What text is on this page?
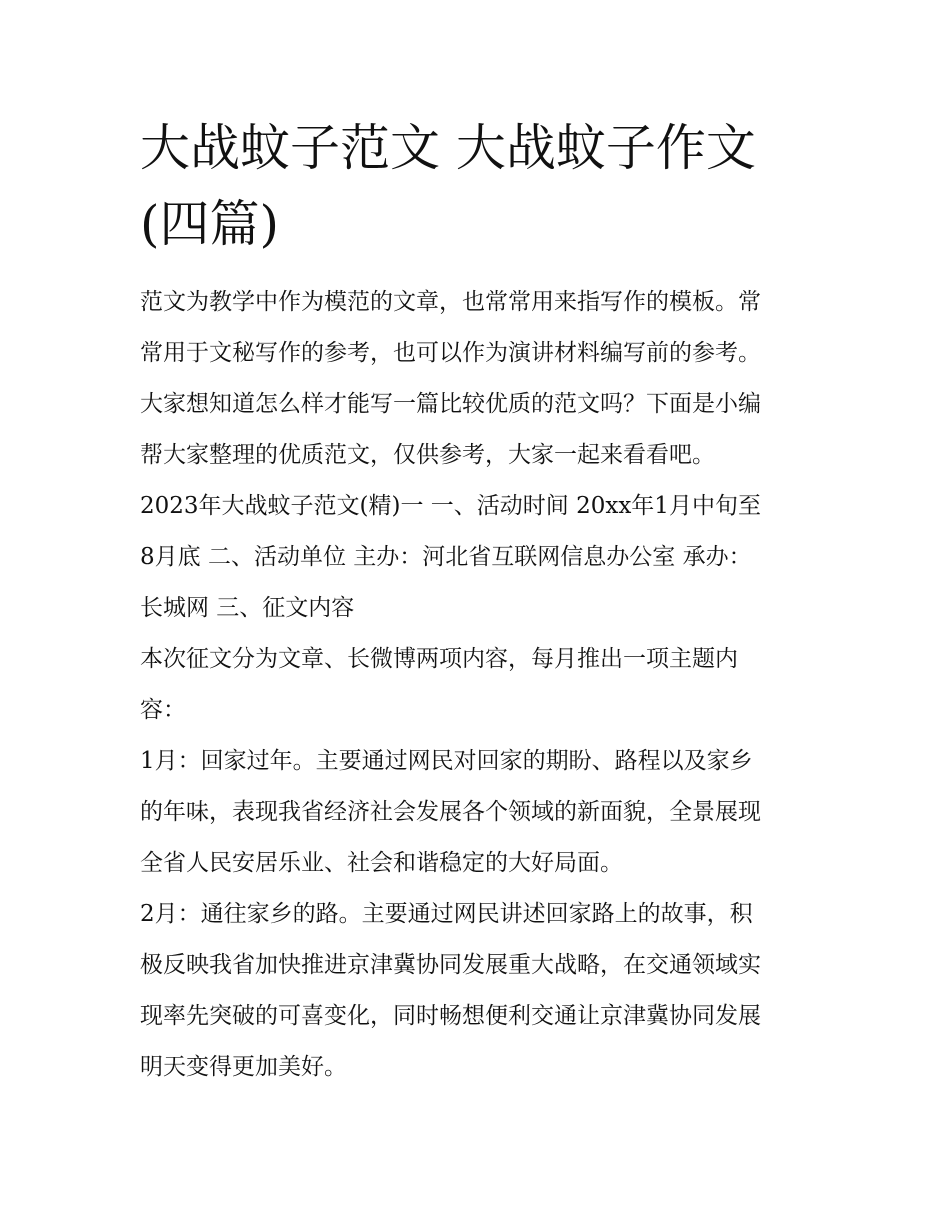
大战蚊子范文 大战蚊子作文
(四篇)

范文为教学中作为模范的文章，也常常用来指写作的模板。常
常用于文秘写作的参考，也可以作为演讲材料编写前的参考。
大家想知道怎么样才能写一篇比较优质的范文吗？下面是小编
帮大家整理的优质范文，仅供参考，大家一起来看看吧。

2023年大战蚊子范文(精)一 一、活动时间 20xx年1月中旬至
8月底 二、活动单位 主办：河北省互联网信息办公室 承办：
长城网 三、征文内容

本次征文分为文章、长微博两项内容，每月推出一项主题内
容：

1月：回家过年。主要通过网民对回家的期盼、路程以及家乡
的年味，表现我省经济社会发展各个领域的新面貌，全景展现
全省人民安居乐业、社会和谐稳定的大好局面。

2月：通往家乡的路。主要通过网民讲述回家路上的故事，积
极反映我省加快推进京津冀协同发展重大战略，在交通领域实
现率先突破的可喜变化，同时畅想便利交通让京津冀协同发展
明天变得更加美好。
